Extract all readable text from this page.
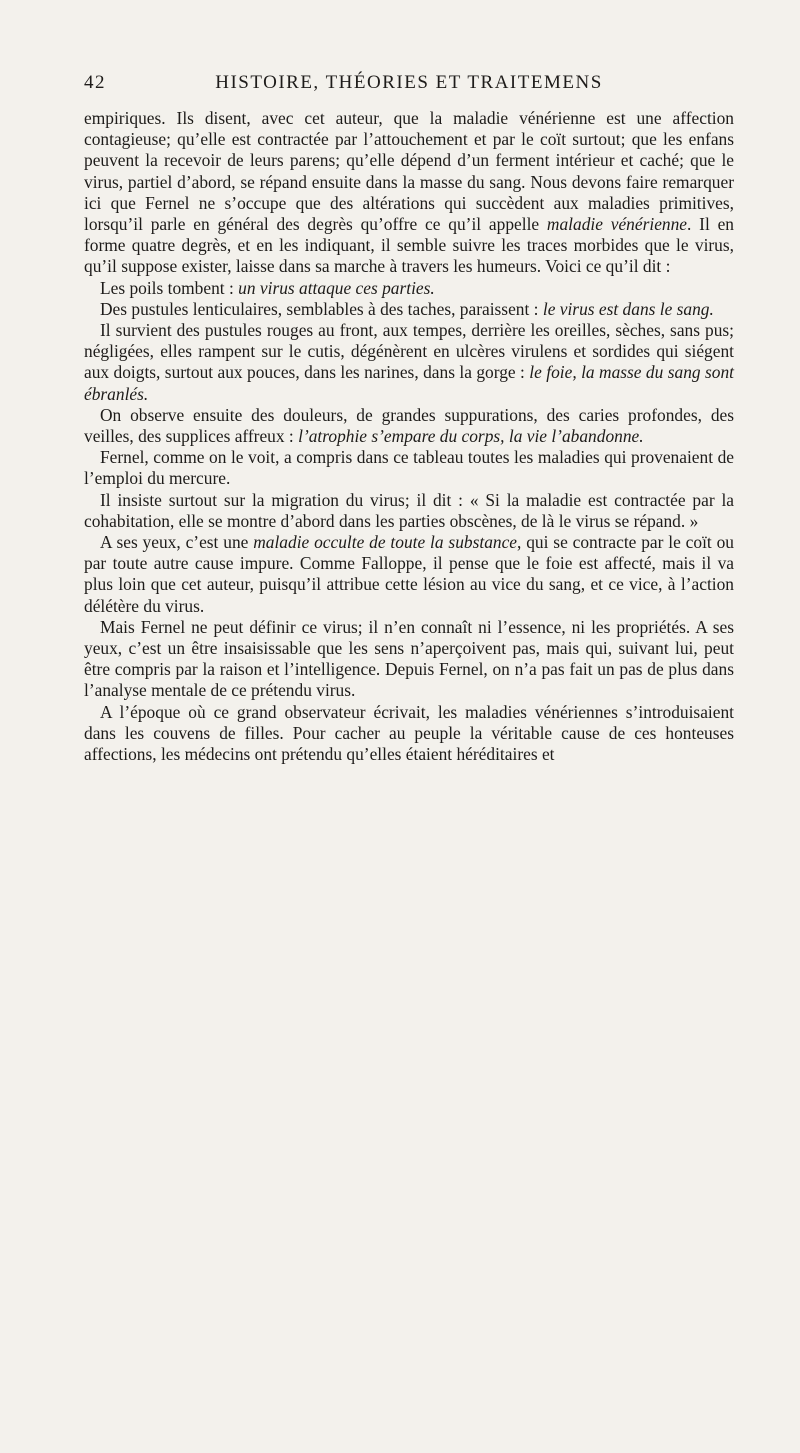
42	HISTOIRE, THÉORIES ET TRAITEMENS

empiriques. Ils disent, avec cet auteur, que la maladie vénérienne est une affection contagieuse; qu’elle est contractée par l’attouchement et par le coït surtout; que les enfans peuvent la recevoir de leurs parens; qu’elle dépend d’un ferment intérieur et caché; que le virus, partiel d’abord, se répand ensuite dans la masse du sang. Nous devons faire remarquer ici que Fernel ne s’occupe que des altérations qui succèdent aux maladies primitives, lorsqu’il parle en général des degrès qu’offre ce qu’il appelle maladie vénérienne. Il en forme quatre degrès, et en les indiquant, il semble suivre les traces morbides que le virus, qu’il suppose exister, laisse dans sa marche à travers les humeurs. Voici ce qu’il dit :

Les poils tombent : un virus attaque ces parties.

Des pustules lenticulaires, semblables à des taches, paraissent : le virus est dans le sang.

Il survient des pustules rouges au front, aux tempes, derrière les oreilles, sèches, sans pus; négligées, elles rampent sur le cutis, dégénèrent en ulcères virulens et sordides qui siégent aux doigts, surtout aux pouces, dans les narines, dans la gorge : le foie, la masse du sang sont ébranlés.

On observe ensuite des douleurs, de grandes suppurations, des caries profondes, des veilles, des supplices affreux : l’atrophie s’empare du corps, la vie l’abandonne.

Fernel, comme on le voit, a compris dans ce tableau toutes les maladies qui provenaient de l’emploi du mercure.

Il insiste surtout sur la migration du virus; il dit : « Si la maladie est contractée par la cohabitation, elle se montre d’abord dans les parties obscènes, de là le virus se répand. »

A ses yeux, c’est une maladie occulte de toute la substance, qui se contracte par le coït ou par toute autre cause impure. Comme Falloppe, il pense que le foie est affecté, mais il va plus loin que cet auteur, puisqu’il attribue cette lésion au vice du sang, et ce vice, à l’action délétère du virus.

Mais Fernel ne peut définir ce virus; il n’en connaît ni l’essence, ni les propriétés. A ses yeux, c’est un être insaisissable que les sens n’aperçoivent pas, mais qui, suivant lui, peut être compris par la raison et l’intelligence. Depuis Fernel, on n’a pas fait un pas de plus dans l’analyse mentale de ce prétendu virus.

A l’époque où ce grand observateur écrivait, les maladies vénériennes s’introduisaient dans les couvens de filles. Pour cacher au peuple la véritable cause de ces honteuses affections, les médecins ont prétendu qu’elles étaient héréditaires et
